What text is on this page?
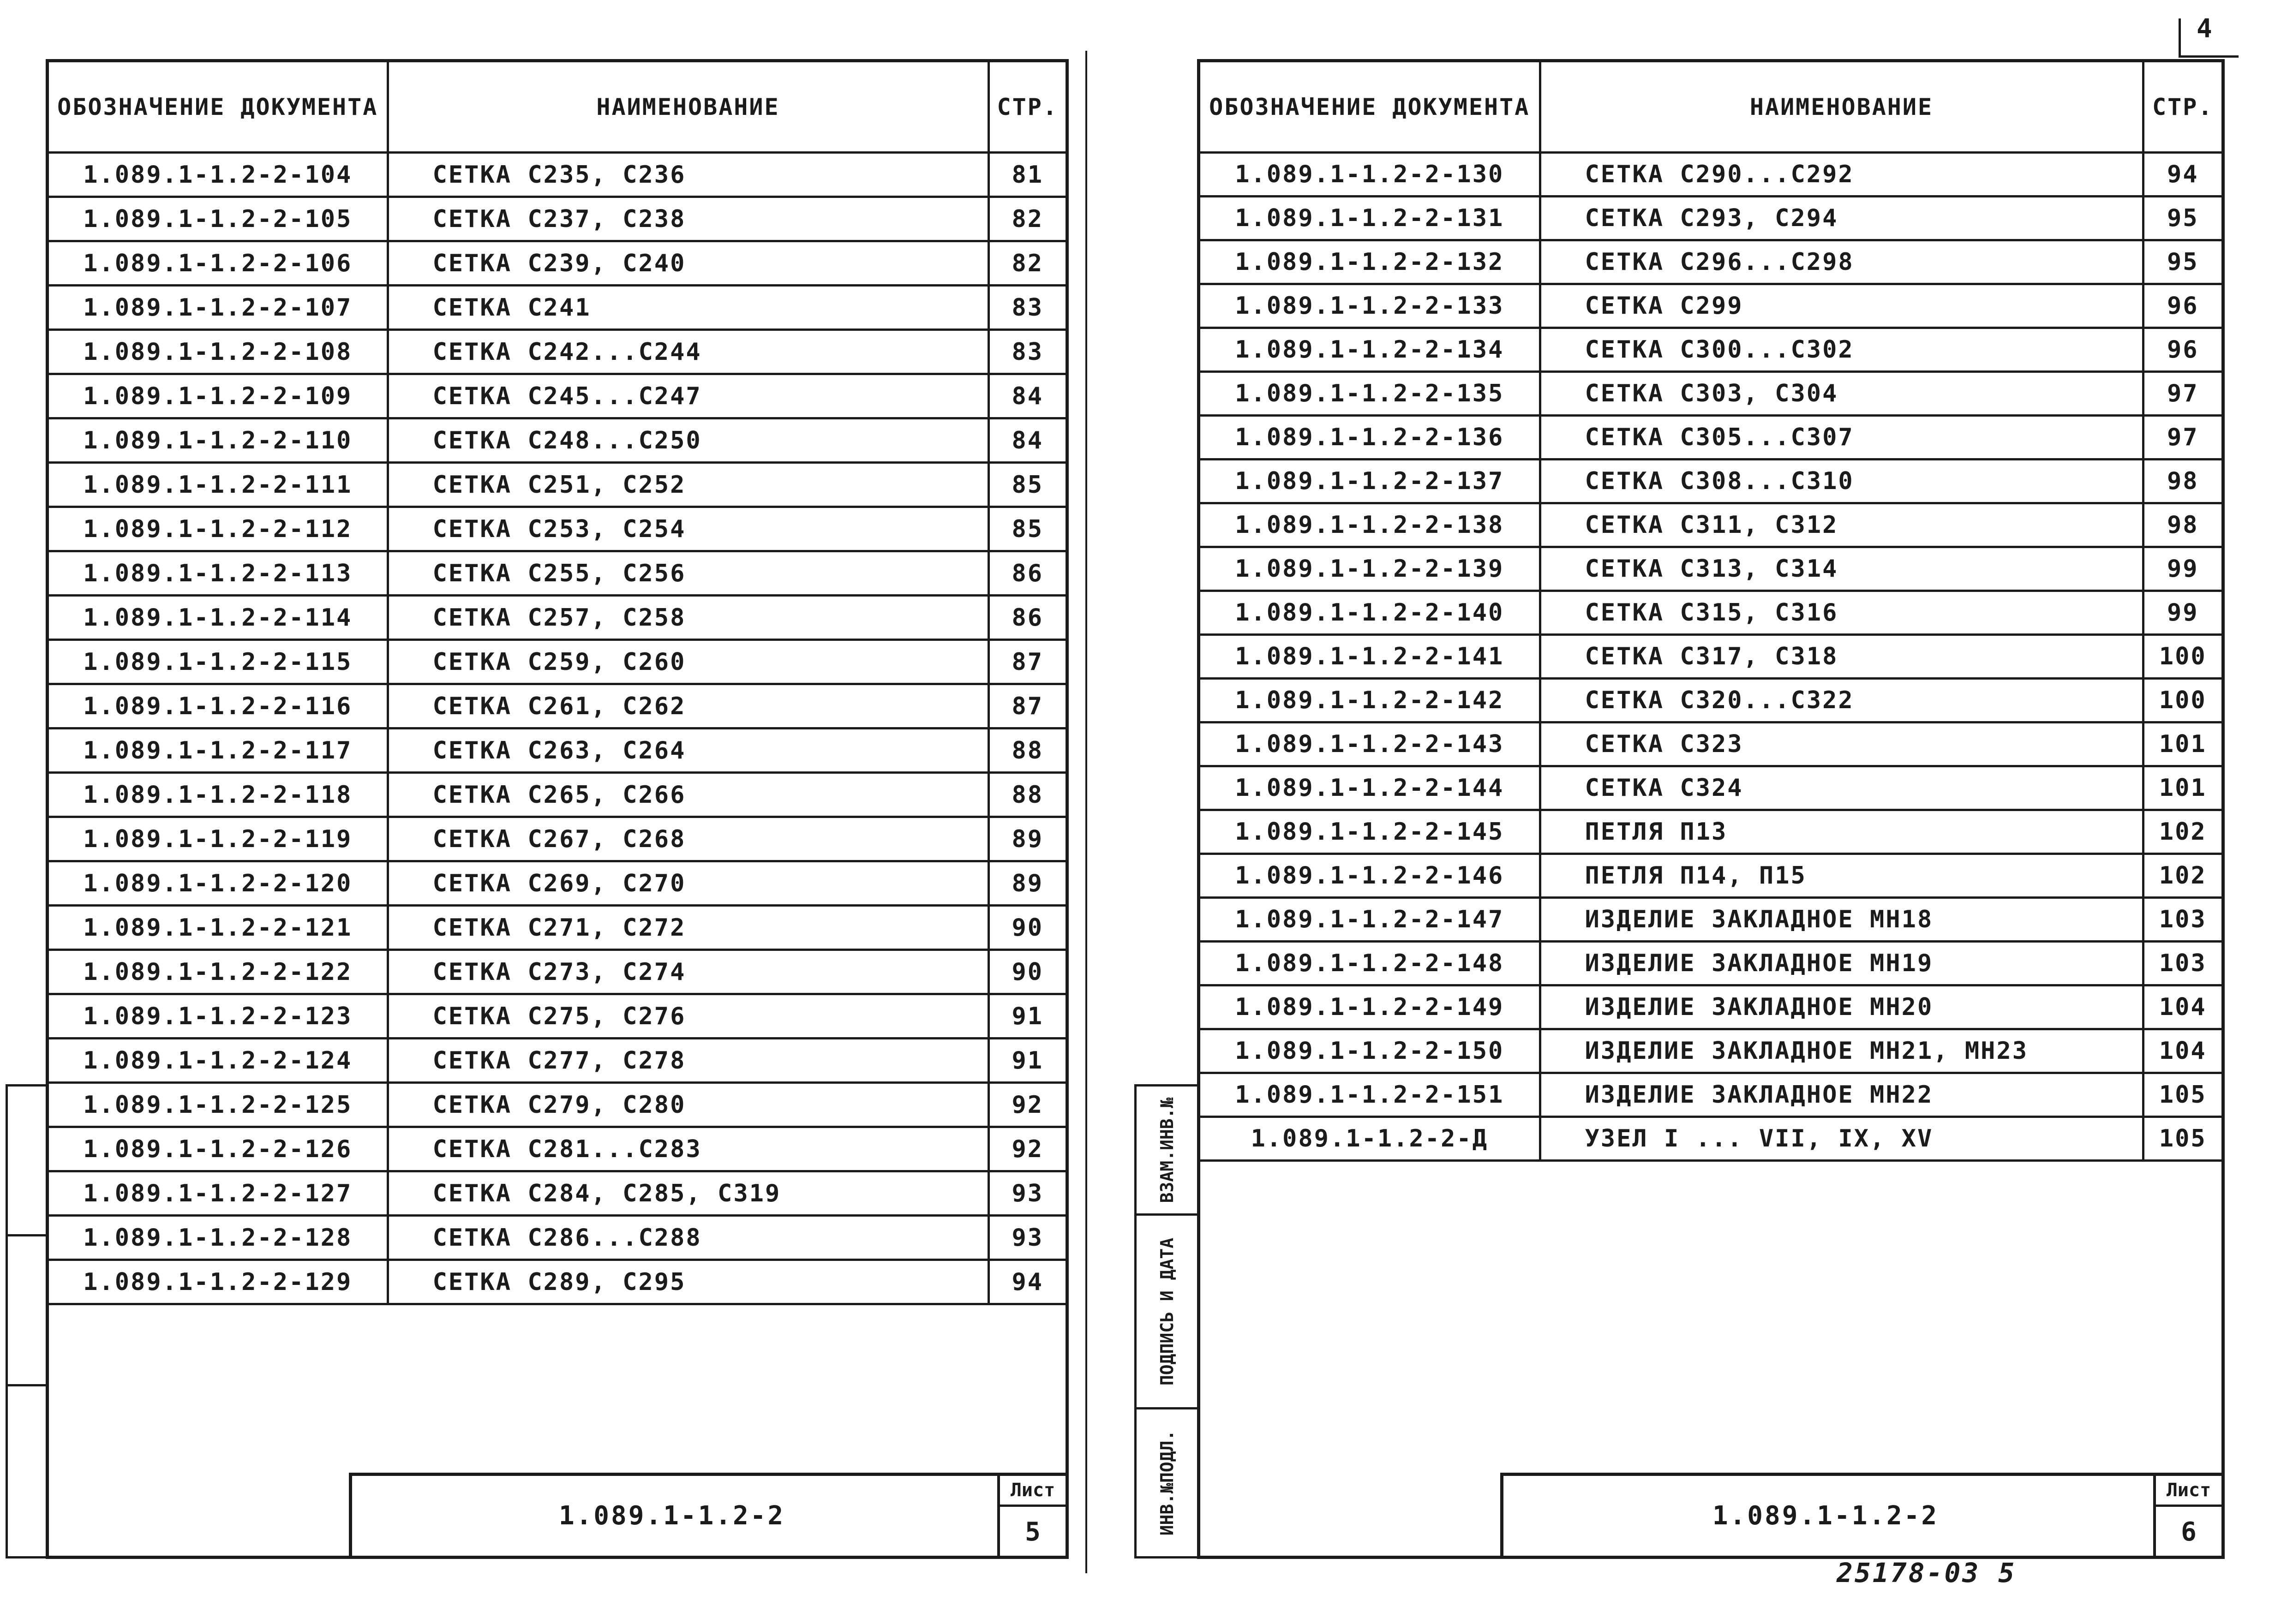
4
ВЗАМ.ИНВ.№
ПОДПИСЬ И ДАТА
ИНВ.№ПОДЛ.
ОБОЗНАЧЕНИЕ ДОКУМЕНТА	НАИМЕНОВАНИЕ	СТР.
1.089.1-1.2-2-104	СЕТКА С235, С236	81
1.089.1-1.2-2-105	СЕТКА С237, С238	82
1.089.1-1.2-2-106	СЕТКА С239, С240	82
1.089.1-1.2-2-107	СЕТКА С241	83
1.089.1-1.2-2-108	СЕТКА С242...С244	83
1.089.1-1.2-2-109	СЕТКА С245...С247	84
1.089.1-1.2-2-110	СЕТКА С248...С250	84
1.089.1-1.2-2-111	СЕТКА С251, С252	85
1.089.1-1.2-2-112	СЕТКА С253, С254	85
1.089.1-1.2-2-113	СЕТКА С255, С256	86
1.089.1-1.2-2-114	СЕТКА С257, С258	86
1.089.1-1.2-2-115	СЕТКА С259, С260	87
1.089.1-1.2-2-116	СЕТКА С261, С262	87
1.089.1-1.2-2-117	СЕТКА С263, С264	88
1.089.1-1.2-2-118	СЕТКА С265, С266	88
1.089.1-1.2-2-119	СЕТКА С267, С268	89
1.089.1-1.2-2-120	СЕТКА С269, С270	89
1.089.1-1.2-2-121	СЕТКА С271, С272	90
1.089.1-1.2-2-122	СЕТКА С273, С274	90
1.089.1-1.2-2-123	СЕТКА С275, С276	91
1.089.1-1.2-2-124	СЕТКА С277, С278	91
1.089.1-1.2-2-125	СЕТКА С279, С280	92
1.089.1-1.2-2-126	СЕТКА С281...С283	92
1.089.1-1.2-2-127	СЕТКА С284, С285, С319	93
1.089.1-1.2-2-128	СЕТКА С286...С288	93
1.089.1-1.2-2-129	СЕТКА С289, С295	94
1.089.1-1.2-2
Лист
5
ОБОЗНАЧЕНИЕ ДОКУМЕНТА	НАИМЕНОВАНИЕ	СТР.
1.089.1-1.2-2-130	СЕТКА С290...С292	94
1.089.1-1.2-2-131	СЕТКА С293, С294	95
1.089.1-1.2-2-132	СЕТКА С296...С298	95
1.089.1-1.2-2-133	СЕТКА С299	96
1.089.1-1.2-2-134	СЕТКА С300...С302	96
1.089.1-1.2-2-135	СЕТКА С303, С304	97
1.089.1-1.2-2-136	СЕТКА С305...С307	97
1.089.1-1.2-2-137	СЕТКА С308...С310	98
1.089.1-1.2-2-138	СЕТКА С311, С312	98
1.089.1-1.2-2-139	СЕТКА С313, С314	99
1.089.1-1.2-2-140	СЕТКА С315, С316	99
1.089.1-1.2-2-141	СЕТКА С317, С318	100
1.089.1-1.2-2-142	СЕТКА С320...С322	100
1.089.1-1.2-2-143	СЕТКА С323	101
1.089.1-1.2-2-144	СЕТКА С324	101
1.089.1-1.2-2-145	ПЕТЛЯ П13	102
1.089.1-1.2-2-146	ПЕТЛЯ П14, П15	102
1.089.1-1.2-2-147	ИЗДЕЛИЕ ЗАКЛАДНОЕ МН18	103
1.089.1-1.2-2-148	ИЗДЕЛИЕ ЗАКЛАДНОЕ МН19	103
1.089.1-1.2-2-149	ИЗДЕЛИЕ ЗАКЛАДНОЕ МН20	104
1.089.1-1.2-2-150	ИЗДЕЛИЕ ЗАКЛАДНОЕ МН21, МН23	104
1.089.1-1.2-2-151	ИЗДЕЛИЕ ЗАКЛАДНОЕ МН22	105
1.089.1-1.2-2-Д	УЗЕЛ I ... VII, IX, XV	105
1.089.1-1.2-2
Лист
6
25178-03 5
